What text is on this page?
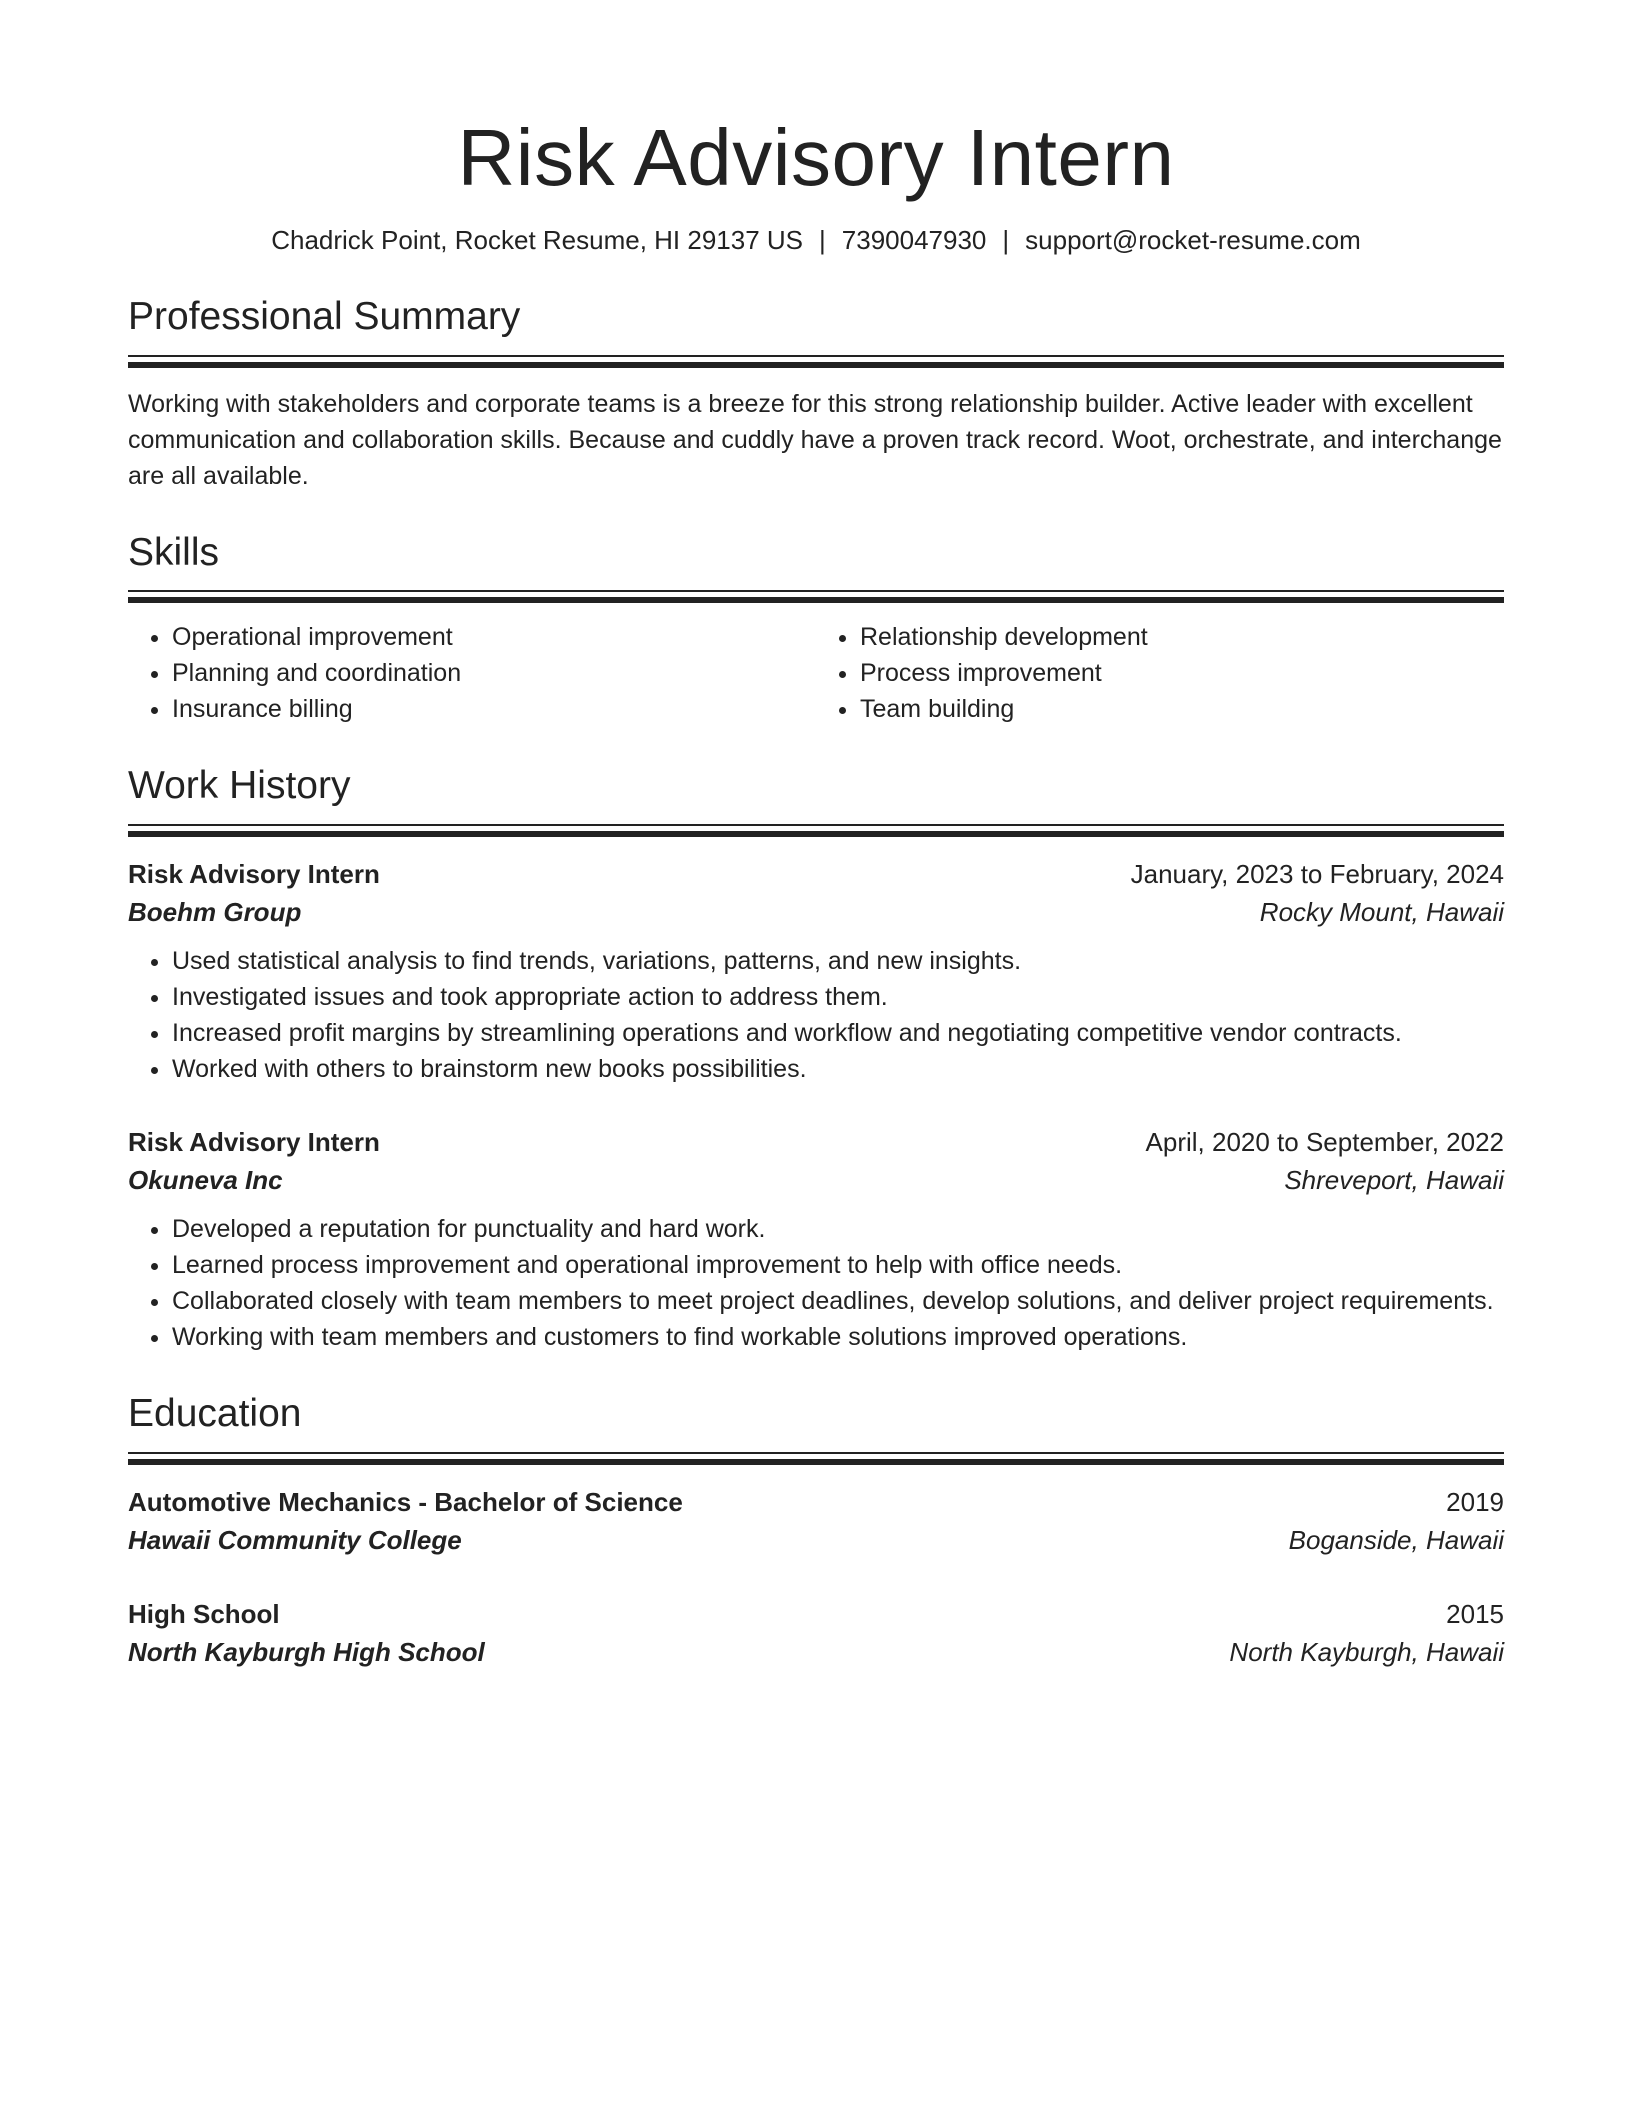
Risk Advisory Intern
Chadrick Point, Rocket Resume, HI 29137 US | 7390047930 | support@rocket-resume.com
Professional Summary
Working with stakeholders and corporate teams is a breeze for this strong relationship builder. Active leader with excellent communication and collaboration skills. Because and cuddly have a proven track record. Woot, orchestrate, and interchange are all available.
Skills
• Operational improvement
• Planning and coordination
• Insurance billing
• Relationship development
• Process improvement
• Team building
Work History
Risk Advisory Intern	January, 2023 to February, 2024
Boehm Group	Rocky Mount, Hawaii
• Used statistical analysis to find trends, variations, patterns, and new insights.
• Investigated issues and took appropriate action to address them.
• Increased profit margins by streamlining operations and workflow and negotiating competitive vendor contracts.
• Worked with others to brainstorm new books possibilities.
Risk Advisory Intern	April, 2020 to September, 2022
Okuneva Inc	Shreveport, Hawaii
• Developed a reputation for punctuality and hard work.
• Learned process improvement and operational improvement to help with office needs.
• Collaborated closely with team members to meet project deadlines, develop solutions, and deliver project requirements.
• Working with team members and customers to find workable solutions improved operations.
Education
Automotive Mechanics - Bachelor of Science	2019
Hawaii Community College	Boganside, Hawaii
High School	2015
North Kayburgh High School	North Kayburgh, Hawaii
